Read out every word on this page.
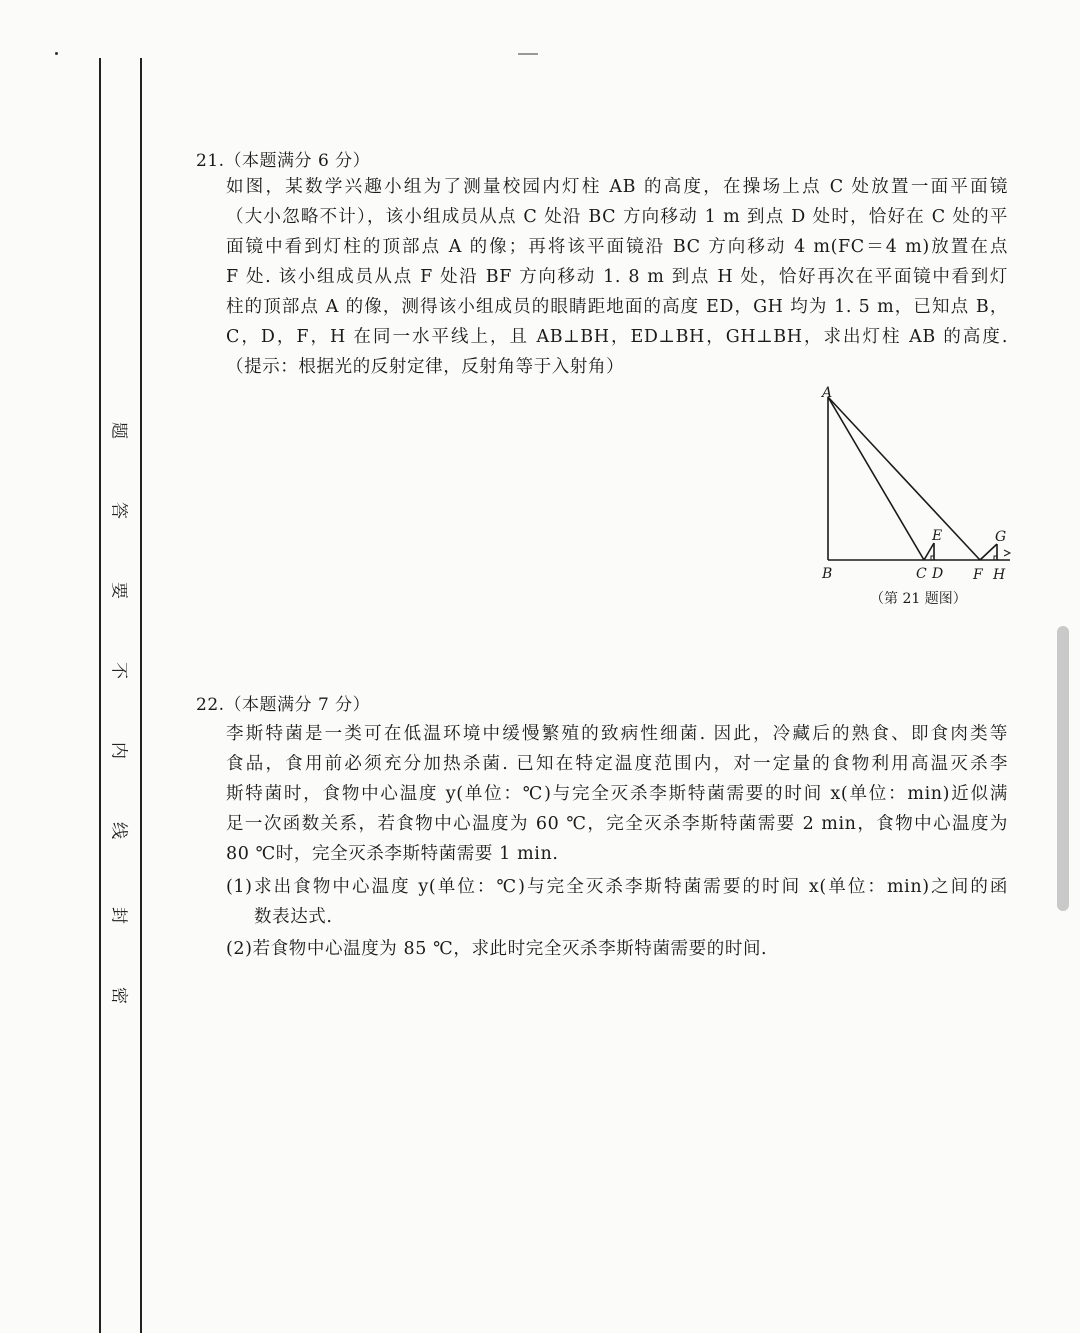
题
答
要
不
内
线
封
密
21.（本题满分 6 分）
如图，某数学兴趣小组为了测量校园内灯柱 AB 的高度，在操场上点 C 处放置一面平面镜
（大小忽略不计），该小组成员从点 C 处沿 BC 方向移动 1 m 到点 D 处时，恰好在 C 处的平
面镜中看到灯柱的顶部点 A 的像；再将该平面镜沿 BC 方向移动 4 m(FC＝4 m)放置在点
F 处. 该小组成员从点 F 处沿 BF 方向移动 1. 8 m 到点 H 处，恰好再次在平面镜中看到灯
柱的顶部点 A 的像，测得该小组成员的眼睛距地面的高度 ED，GH 均为 1. 5 m，已知点 B，
C，D，F，H 在同一水平线上，且 AB⊥BH，ED⊥BH，GH⊥BH，求出灯柱 AB 的高度.
（提示：根据光的反射定律，反射角等于入射角）
A
B	C D
E
F
G
H
（第 21 题图）
22.（本题满分 7 分）
李斯特菌是一类可在低温环境中缓慢繁殖的致病性细菌. 因此，冷藏后的熟食、即食肉类等
食品，食用前必须充分加热杀菌. 已知在特定温度范围内，对一定量的食物利用高温灭杀李
斯特菌时，食物中心温度 y(单位：℃)与完全灭杀李斯特菌需要的时间 x(单位：min)近似满
足一次函数关系，若食物中心温度为 60 ℃，完全灭杀李斯特菌需要 2 min，食物中心温度为
80 ℃时，完全灭杀李斯特菌需要 1 min.
(1)求出食物中心温度 y(单位：℃)与完全灭杀李斯特菌需要的时间 x(单位：min)之间的函
数表达式.
(2)若食物中心温度为 85 ℃，求此时完全灭杀李斯特菌需要的时间.
